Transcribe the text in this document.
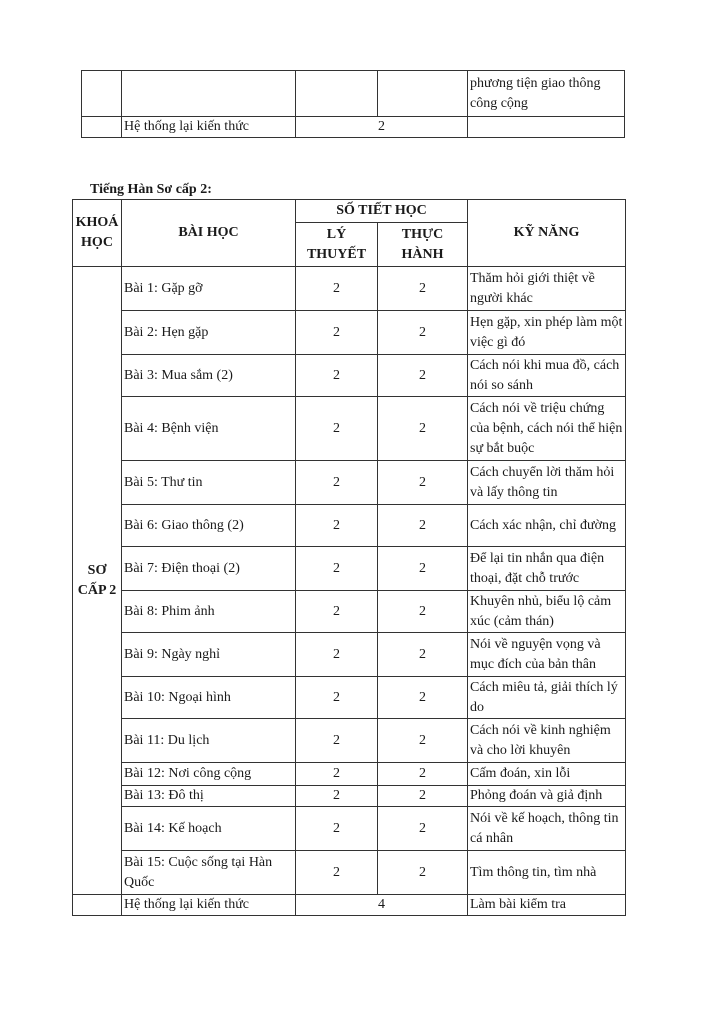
				phương tiện giao thông công cộng
	Hệ thống lại kiến thức	2		
Tiếng Hàn Sơ cấp 2:
KHOÁ HỌC	BÀI HỌC	SỐ TIẾT HỌC		KỸ NĂNG
		LÝ THUYẾT	THỰC HÀNH	
SƠ CẤP 2	Bài 1: Gặp gỡ	2	2	Thăm hỏi giới thiệt về người khác
	Bài 2: Hẹn gặp	2	2	Hẹn gặp, xin phép làm một việc gì đó
	Bài 3: Mua sắm (2)	2	2	Cách nói khi mua đồ, cách nói so sánh
	Bài 4: Bệnh viện	2	2	Cách nói về triệu chứng của bệnh, cách nói thể hiện sự bắt buộc
	Bài 5: Thư tin	2	2	Cách chuyển lời thăm hỏi và lấy thông tin
	Bài 6: Giao thông (2)	2	2	Cách xác nhận, chỉ đường
	Bài 7: Điện thoại (2)	2	2	Để lại tin nhắn qua điện thoại, đặt chỗ trước
	Bài 8: Phim ảnh	2	2	Khuyên nhủ, biểu lộ cảm xúc (cảm thán)
	Bài 9: Ngày nghỉ	2	2	Nói về nguyện vọng và mục đích của bản thân
	Bài 10: Ngoại hình	2	2	Cách miêu tả, giải thích lý do
	Bài 11: Du lịch	2	2	Cách nói về kinh nghiệm và cho lời khuyên
	Bài 12: Nơi công cộng	2	2	Cấm đoán, xin lỗi
	Bài 13: Đô thị	2	2	Phỏng đoán và giả định
	Bài 14: Kế hoạch	2	2	Nói về kế hoạch, thông tin cá nhân
	Bài 15: Cuộc sống tại Hàn Quốc	2	2	Tìm thông tin, tìm nhà
	Hệ thống lại kiến thức	4		Làm bài kiểm tra
